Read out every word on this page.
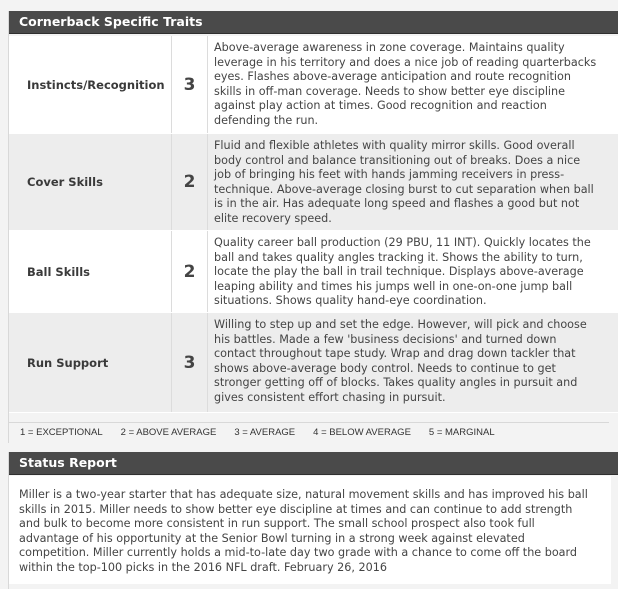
Cornerback Specific Traits
Instincts/Recognition	3
Above-average awareness in zone coverage. Maintains quality leverage in his territory and does a nice job of reading quarterbacks eyes. Flashes above-average anticipation and route recognition skills in off-man coverage. Needs to show better eye discipline against play action at times. Good recognition and reaction defending the run.
Cover Skills	2
Fluid and flexible athletes with quality mirror skills. Good overall body control and balance transitioning out of breaks. Does a nice job of bringing his feet with hands jamming receivers in press-technique. Above-average closing burst to cut separation when ball is in the air. Has adequate long speed and flashes a good but not elite recovery speed.
Ball Skills	2
Quality career ball production (29 PBU, 11 INT). Quickly locates the ball and takes quality angles tracking it. Shows the ability to turn, locate the play the ball in trail technique. Displays above-average leaping ability and times his jumps well in one-on-one jump ball situations. Shows quality hand-eye coordination.
Run Support	3
Willing to step up and set the edge. However, will pick and choose his battles. Made a few 'business decisions' and turned down contact throughout tape study. Wrap and drag down tackler that shows above-average body control. Needs to continue to get stronger getting off of blocks. Takes quality angles in pursuit and gives consistent effort chasing in pursuit.
1 = EXCEPTIONAL 2 = ABOVE AVERAGE 3 = AVERAGE 4 = BELOW AVERAGE 5 = MARGINAL
Status Report
Miller is a two-year starter that has adequate size, natural movement skills and has improved his ball skills in 2015. Miller needs to show better eye discipline at times and can continue to add strength and bulk to become more consistent in run support. The small school prospect also took full advantage of his opportunity at the Senior Bowl turning in a strong week against elevated competition. Miller currently holds a mid-to-late day two grade with a chance to come off the board within the top-100 picks in the 2016 NFL draft. February 26, 2016
